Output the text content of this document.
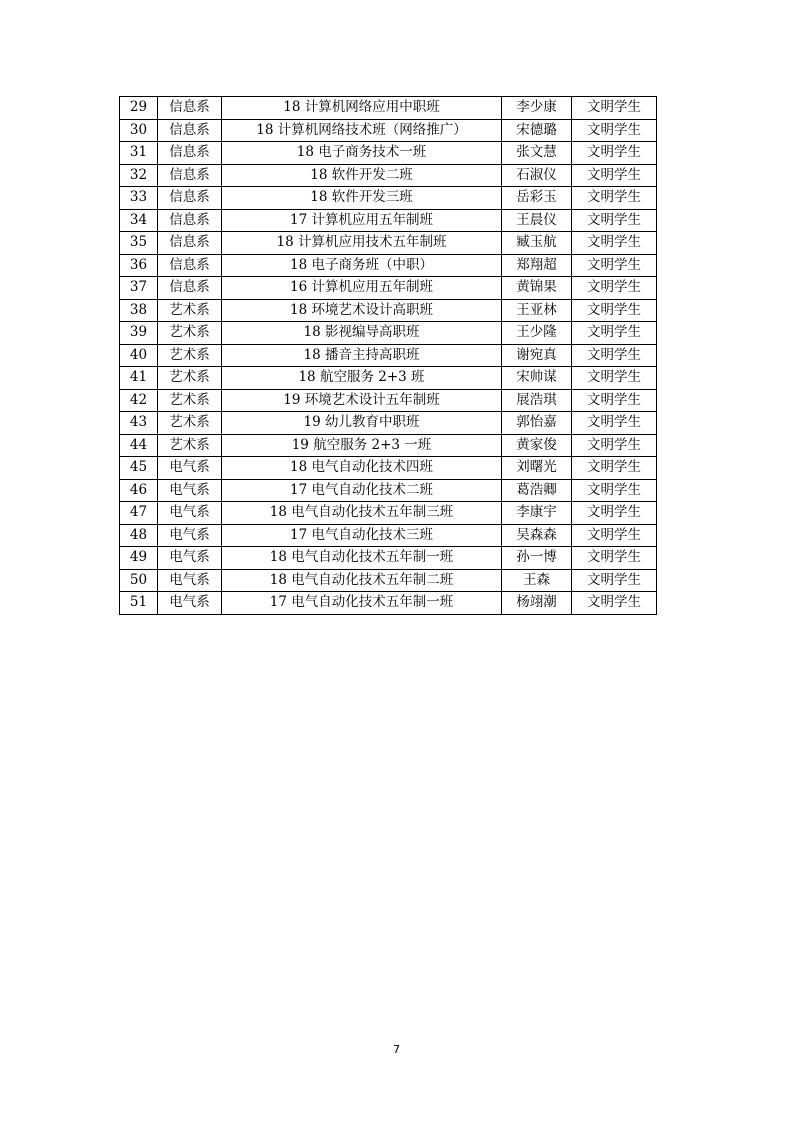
29	信息系	18 计算机网络应用中职班	李少康	文明学生
30	信息系	18 计算机网络技术班（网络推广）	宋德璐	文明学生
31	信息系	18 电子商务技术一班	张文慧	文明学生
32	信息系	18 软件开发二班	石淑仪	文明学生
33	信息系	18 软件开发三班	岳彩玉	文明学生
34	信息系	17 计算机应用五年制班	王晨仪	文明学生
35	信息系	18 计算机应用技术五年制班	臧玉航	文明学生
36	信息系	18 电子商务班（中职）	郑翔超	文明学生
37	信息系	16 计算机应用五年制班	黄锦果	文明学生
38	艺术系	18 环境艺术设计高职班	王亚林	文明学生
39	艺术系	18 影视编导高职班	王少隆	文明学生
40	艺术系	18 播音主持高职班	谢宛真	文明学生
41	艺术系	18 航空服务 2+3 班	宋帅谋	文明学生
42	艺术系	19 环境艺术设计五年制班	展浩琪	文明学生
43	艺术系	19 幼儿教育中职班	郭怡嘉	文明学生
44	艺术系	19 航空服务 2+3 一班	黄家俊	文明学生
45	电气系	18 电气自动化技术四班	刘曙光	文明学生
46	电气系	17 电气自动化技术二班	葛浩卿	文明学生
47	电气系	18 电气自动化技术五年制三班	李康宇	文明学生
48	电气系	17 电气自动化技术三班	吴森森	文明学生
49	电气系	18 电气自动化技术五年制一班	孙一博	文明学生
50	电气系	18 电气自动化技术五年制二班	王森	文明学生
51	电气系	17 电气自动化技术五年制一班	杨翊潮	文明学生
7
